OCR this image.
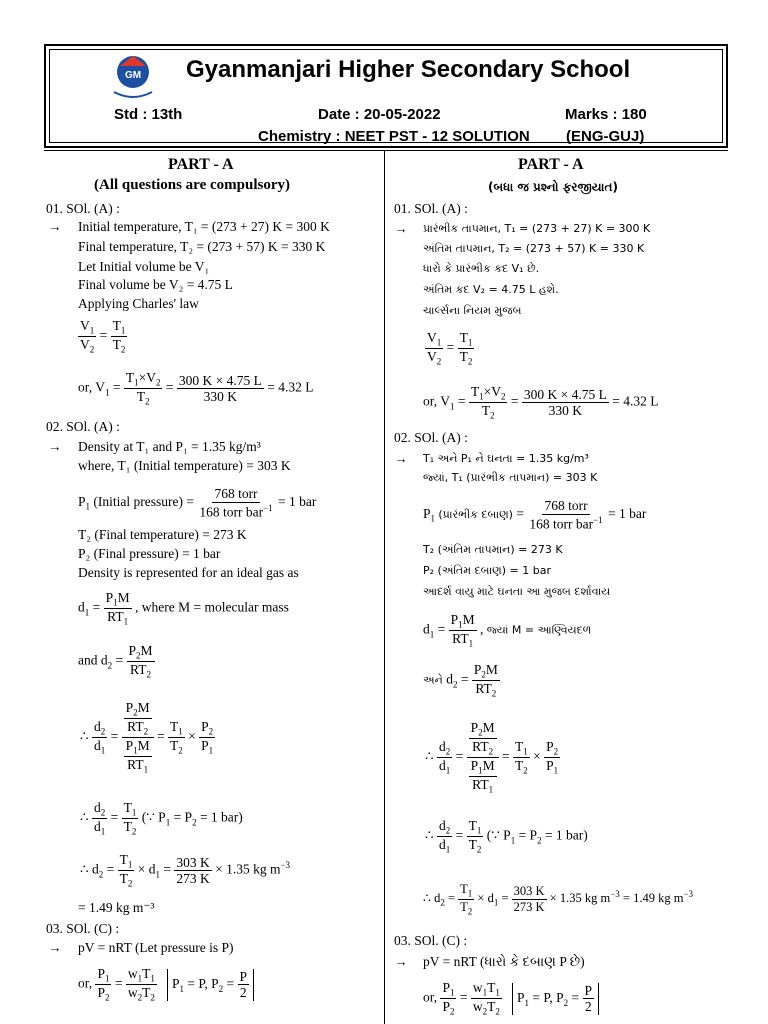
GM Gyanmanjari Higher Secondary School
Std : 13th	Date : 20-05-2022	Marks : 180
Chemistry : NEET PST - 12 SOLUTION (ENG-GUJ)
PART - A
(All questions are compulsory)
01. SOl. (A) :
→ Initial temperature, T₁ = (273 + 27) K = 300 K
Final temperature, T₂ = (273 + 57) K = 330 K
Let Initial volume be V₁
Final volume be V₂ = 4.75 L
Applying Charles' law
$\frac{V_1}{V_2} = \frac{T_1}{T_2}$
or, $V_1 = \frac{T_1\times V_2}{T_2} = \frac{300 K \times 4.75 L}{330 K} = 4.32$ L
02. SOl. (A) :
→ Density at T₁ and P₁ = 1.35 kg/m³
where, T₁ (Initial temperature) = 303 K
$P_1$ (Initial pressure) = $\frac{\text{768 torr}}{168 torr bar^{-1}} = 1$ bar
T₂ (Final temperature) = 273 K
P₂ (Final pressure) = 1 bar
Density is represented for an ideal gas as
$d_1 = \frac{P_1M}{RT_1}$ , where M = molecular mass
and $d_2 = \frac{P_2M}{RT_2}$
∴ $\frac{d_2}{d_1} = \frac{\frac{P_2M}{RT_2}}{\frac{P_1M}{RT_1}} = \frac{T_1}{T_2} \times \frac{P_2}{P_1}$
∴ $\frac{d_2}{d_1} = \frac{T_1}{T_2}$ (∵ $P_1 = P_2 = 1$ bar)
∴ $d_2 = \frac{T_1}{T_2} \times d_1 = \frac{303 K}{273 K} \times 1.35$ kg $m^{-3}$
= 1.49 kg m⁻³
03. SOl. (C) :
→ pV = nRT (Let pressure is P)
or, $\frac{P_1}{P_2} = \frac{w_1T_1}{w_2T_2} P_1 = P$, $P_2 = \frac{P}{2}$
PART - A
(બધા જ પ્રશ્નો ફરજીયાત)
01. SOl. (A) :
→ પ્રારંભીક તાપમાન, T₁ = (273 + 27) K = 300 K
અંતિમ તાપમાન, T₂ = (273 + 57) K = 330 K
ધારો કે પ્રારંભીક કદ V₁ છે.
અંતિમ કદ V₂ = 4.75 L હશે.
ચાર્લ્સના નિયમ મુજબ
$\frac{V_1}{V_2} = \frac{T_1}{T_2}$
or, $V_1 = \frac{T_1\times V_2}{T_2} = \frac{300 K \times 4.75 L}{330 K} = 4.32$ L
02. SOl. (A) :
→ T₁ અને P₁ ને ઘનતા = 1.35 kg/m³
જ્યાં, T₁ (પ્રારંભીક તાપમાન) = 303 K
$P_1$ (પ્રારંભીક દબાણ) = $\frac{\text{768 torr}}{168 torr bar^{-1}} = 1$ bar
T₂ (અંતિમ તાપમાન) = 273 K
P₂ (અંતિમ દબાણ) = 1 bar
આદર્શ વાયુ માટે ઘનતા આ મુજબ દર્શાવાય
$d_1 = \frac{P_1M}{RT_1}$ , જ્યાં M = આણ્વિયદળ
અને $d_2 = \frac{P_2M}{RT_2}$
∴ $\frac{d_2}{d_1} = \frac{\frac{P_2M}{RT_2}}{\frac{P_1M}{RT_1}} = \frac{T_1}{T_2} \times \frac{P_2}{P_1}$
∴ $\frac{d_2}{d_1} = \frac{T_1}{T_2}$ (∵ $P_1 = P_2 = 1$ bar)
∴ $d_2 = \frac{T_1}{T_2} \times d_1 = \frac{303 K}{273 K} \times 1.35$ kg $m^{-3} = 1.49$ kg $m^{-3}$
03. SOl. (C) :
→ pV = nRT (ધારો કે દબાણ P છે)
or, $\frac{P_1}{P_2} = \frac{w_1T_1}{w_2T_2} P_1 = P$, $P_2 = \frac{P}{2}$
